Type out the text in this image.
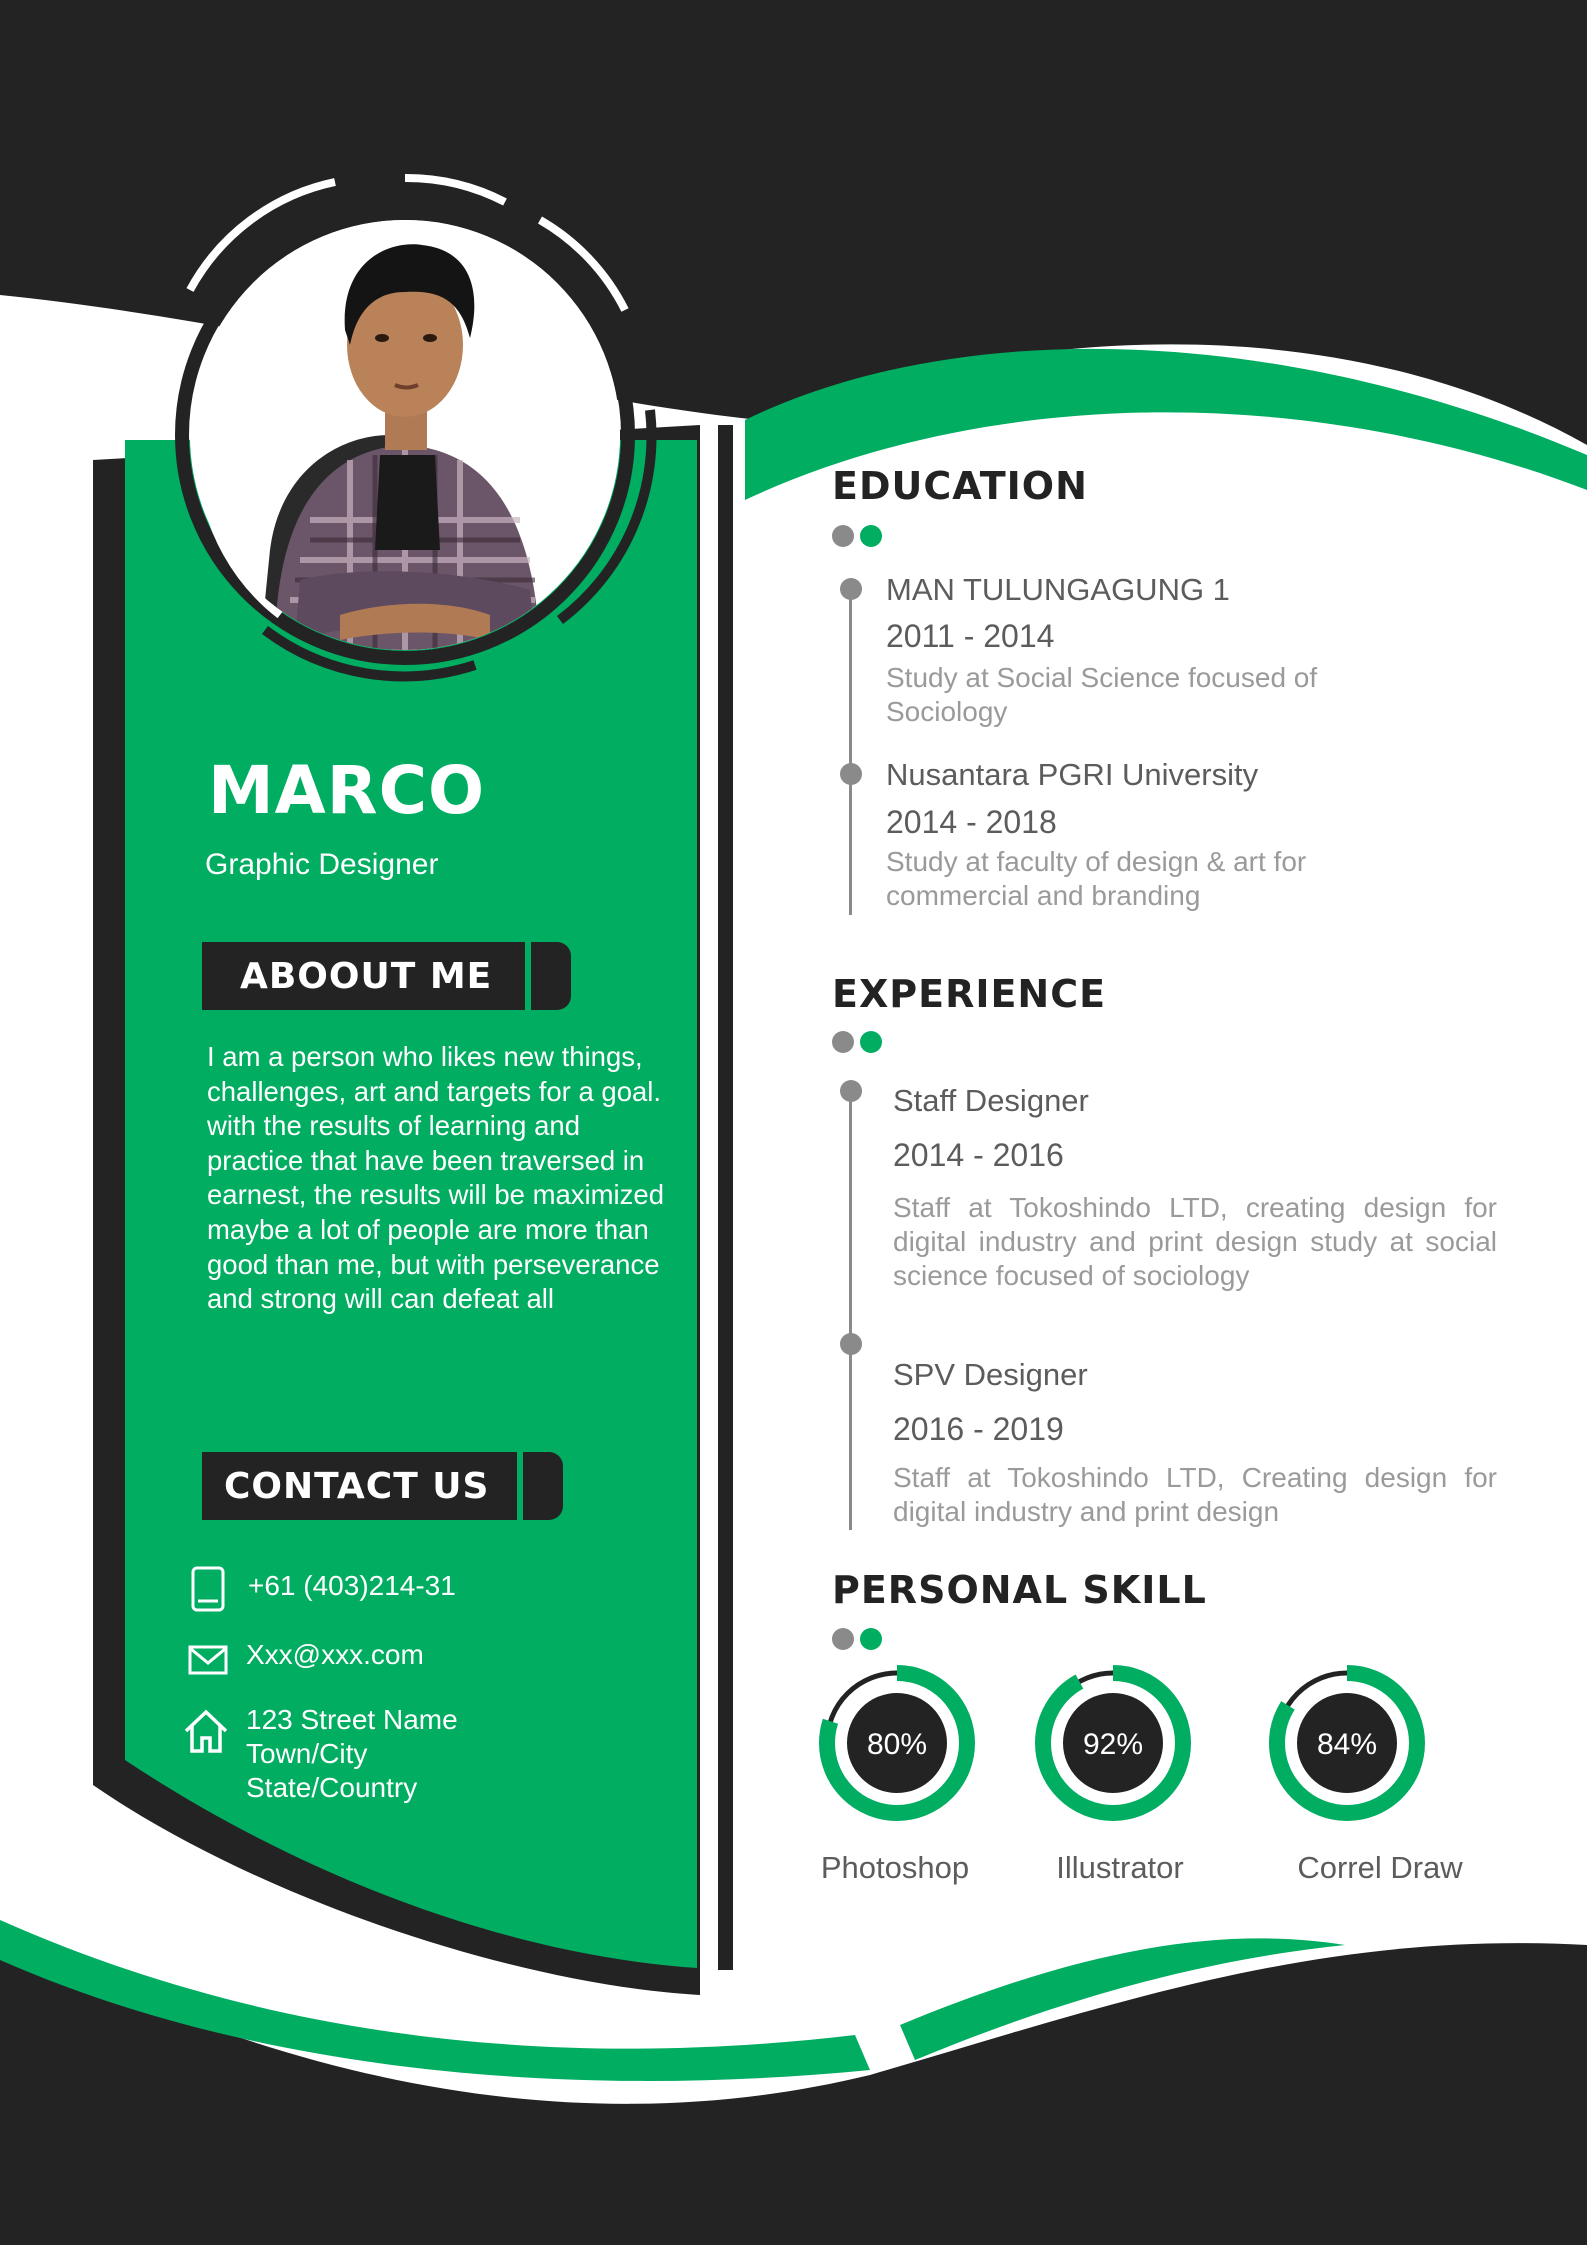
MARCO
Graphic Designer
ABOOUT ME
I am a person who likes new things, challenges, art and targets for a goal. with the results of learning and practice that have been traversed in earnest, the results will be maximized maybe a lot of people are more than good than me, but with perseverance and strong will can defeat all
CONTACT US
+61 (403)214-31
Xxx@xxx.com
123 Street Name
Town/City
State/Country
EDUCATION
MAN TULUNGAGUNG 1
2011 - 2014
Study at Social Science focused of
Sociology
Nusantara PGRI University
2014 - 2018
Study at faculty of design & art for
commercial and branding
EXPERIENCE
Staff Designer
2014 - 2016
Staff at Tokoshindo LTD, creating design for digital industry and print design study at social science focused of sociology
SPV Designer
2016 - 2019
Staff at Tokoshindo LTD, Creating design for digital industry and print design
PERSONAL SKILL
80%	92%	84%
Photoshop	Illustrator	Correl Draw
